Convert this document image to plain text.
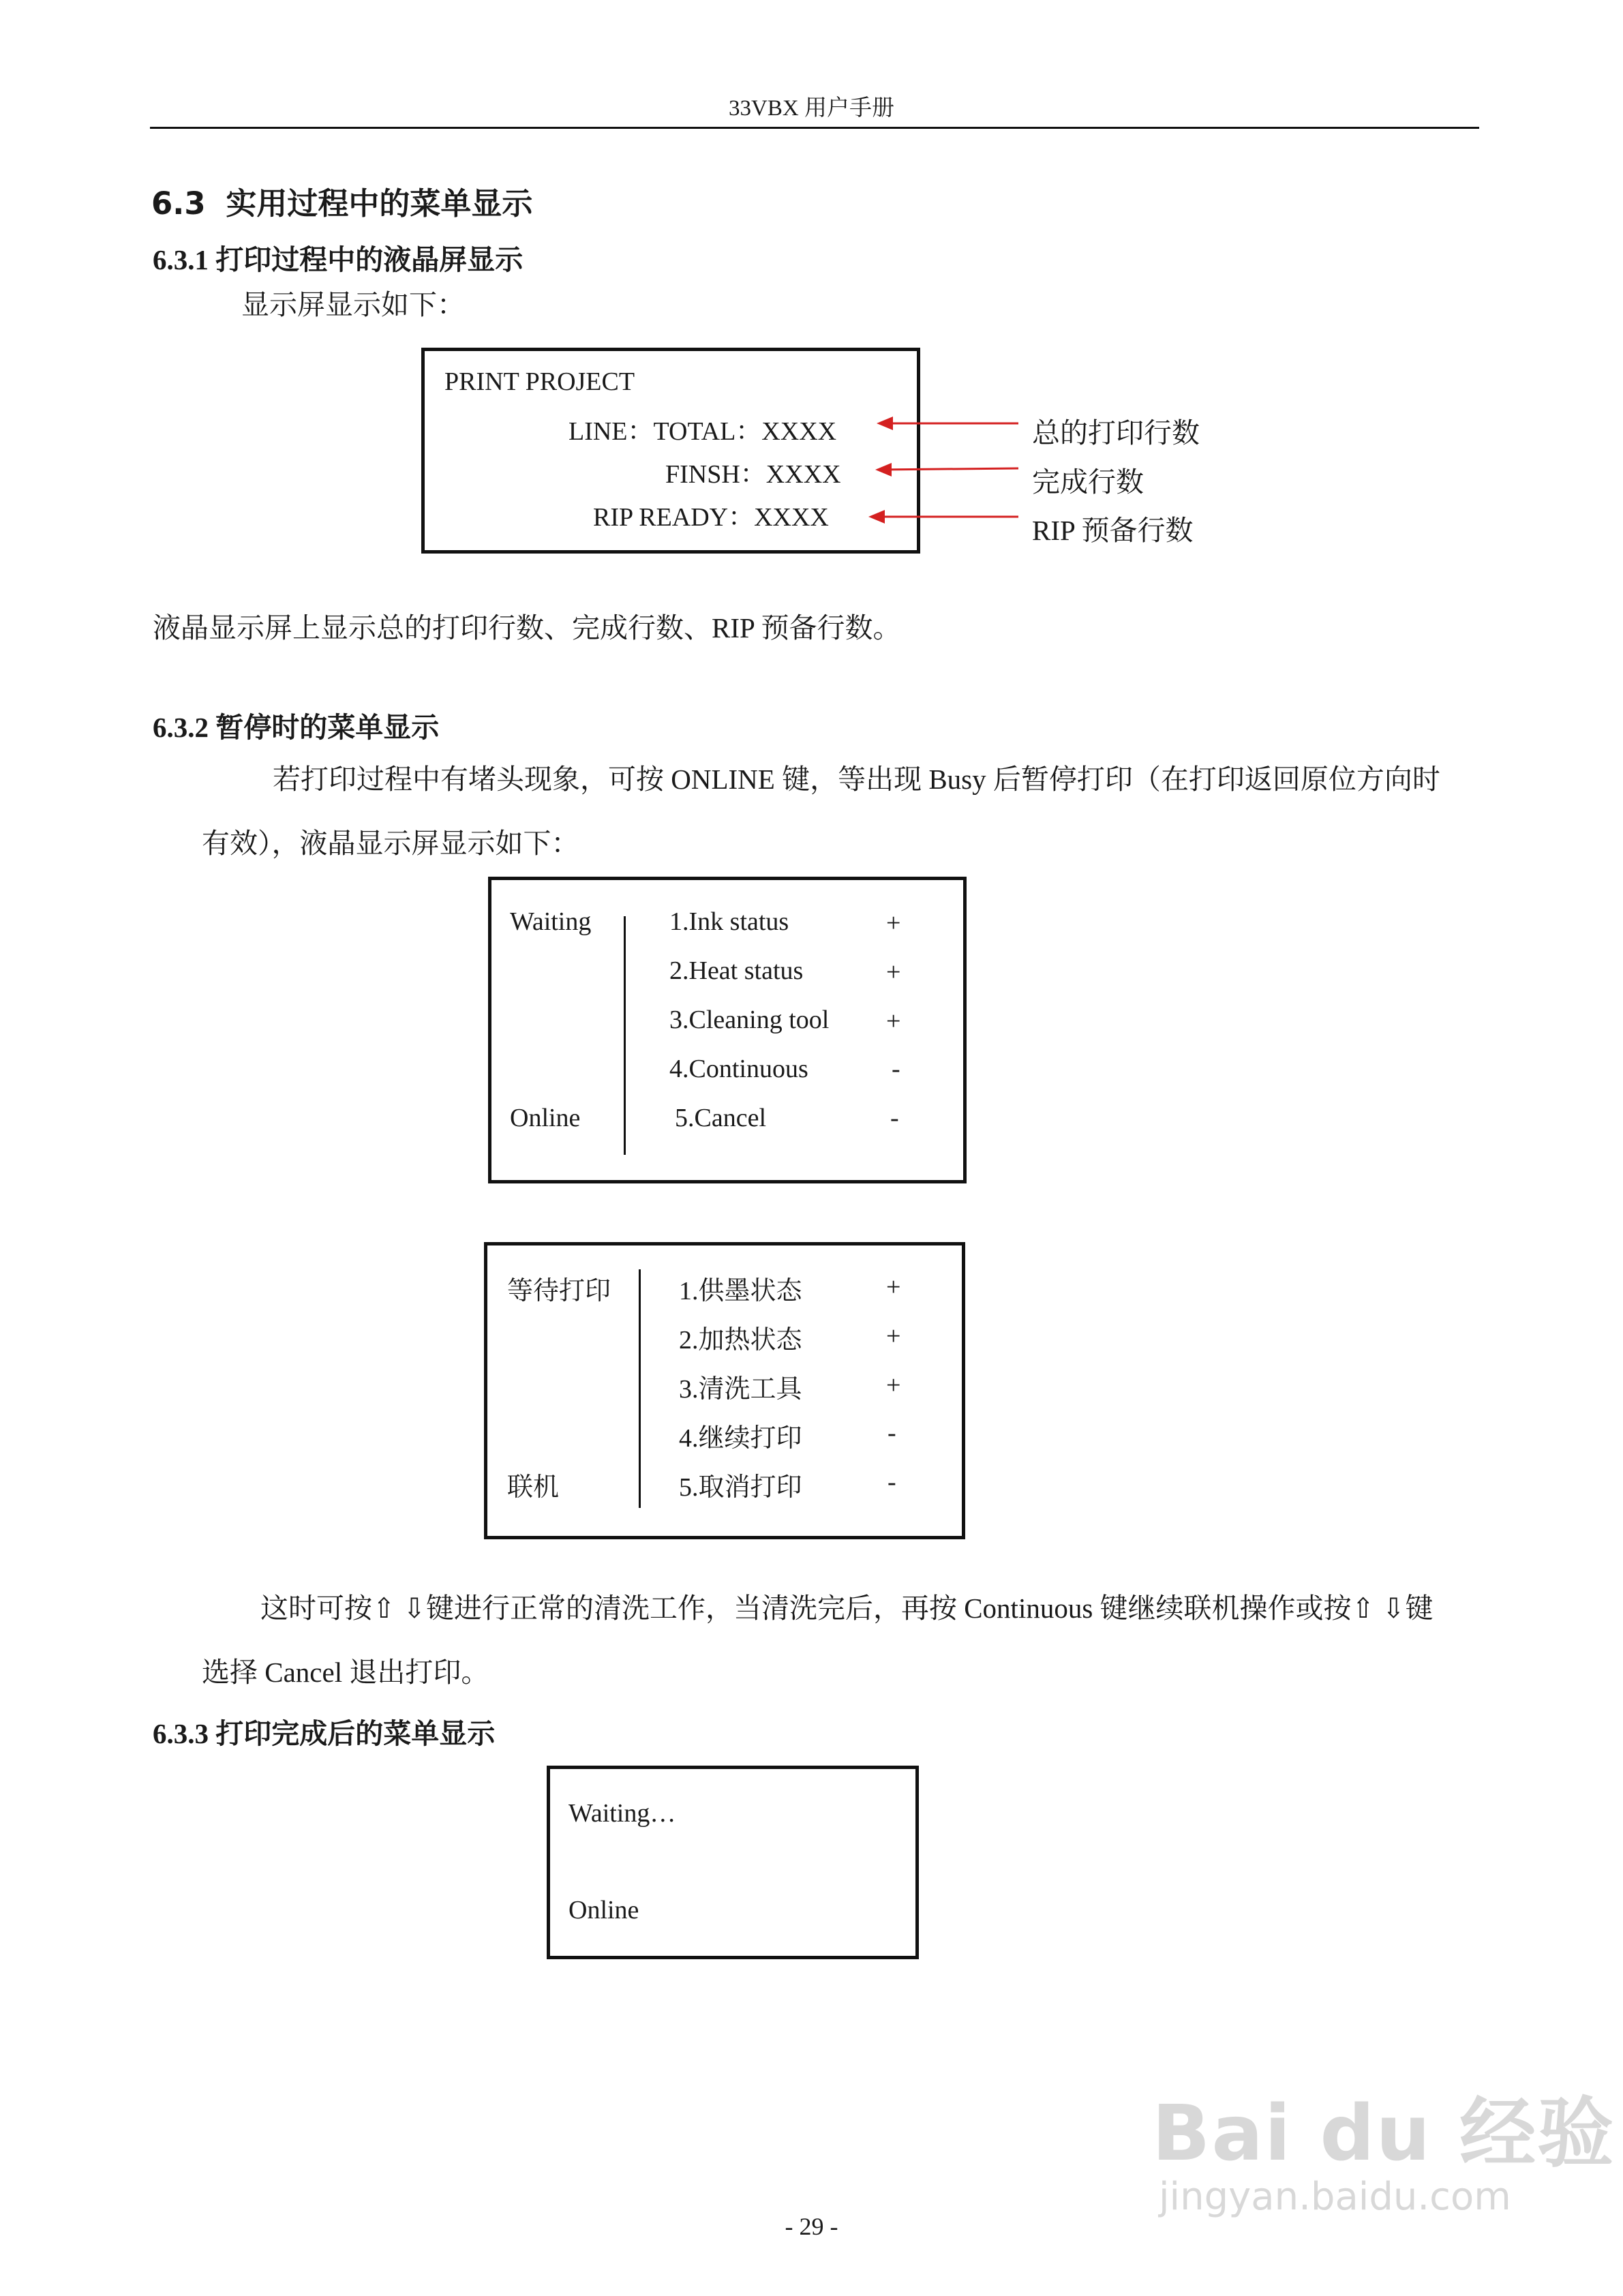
33VBX 用户手册
6.3 实用过程中的菜单显示
6.3.1 打印过程中的液晶屏显示
显示屏显示如下：
PRINT PROJECT
LINE：TOTAL：XXXX
FINSH：XXXX
RIP READY：XXXX
总的打印行数
完成行数
RIP 预备行数
液晶显示屏上显示总的打印行数、完成行数、RIP 预备行数。
6.3.2 暂停时的菜单显示
若打印过程中有堵头现象，可按 ONLINE 键，等出现 Busy 后暂停打印（在打印返回原位方向时
有效），液晶显示屏显示如下：
Waiting
Online
1.Ink status	+
2.Heat status	+
3.Cleaning tool +
4.Continuous	-
5.Cancel	-
等待打印
联机
1.供墨状态	+
2.加热状态	+
3.清洗工具	+
4.继续打印	-
5.取消打印	-
这时可按⇧ ⇩键进行正常的清洗工作，当清洗完后，再按 Continuous 键继续联机操作或按⇧ ⇩键
选择 Cancel 退出打印。
6.3.3 打印完成后的菜单显示
Waiting…
Online
Bai du 经验
jingyan.baidu.com
- 29 -
